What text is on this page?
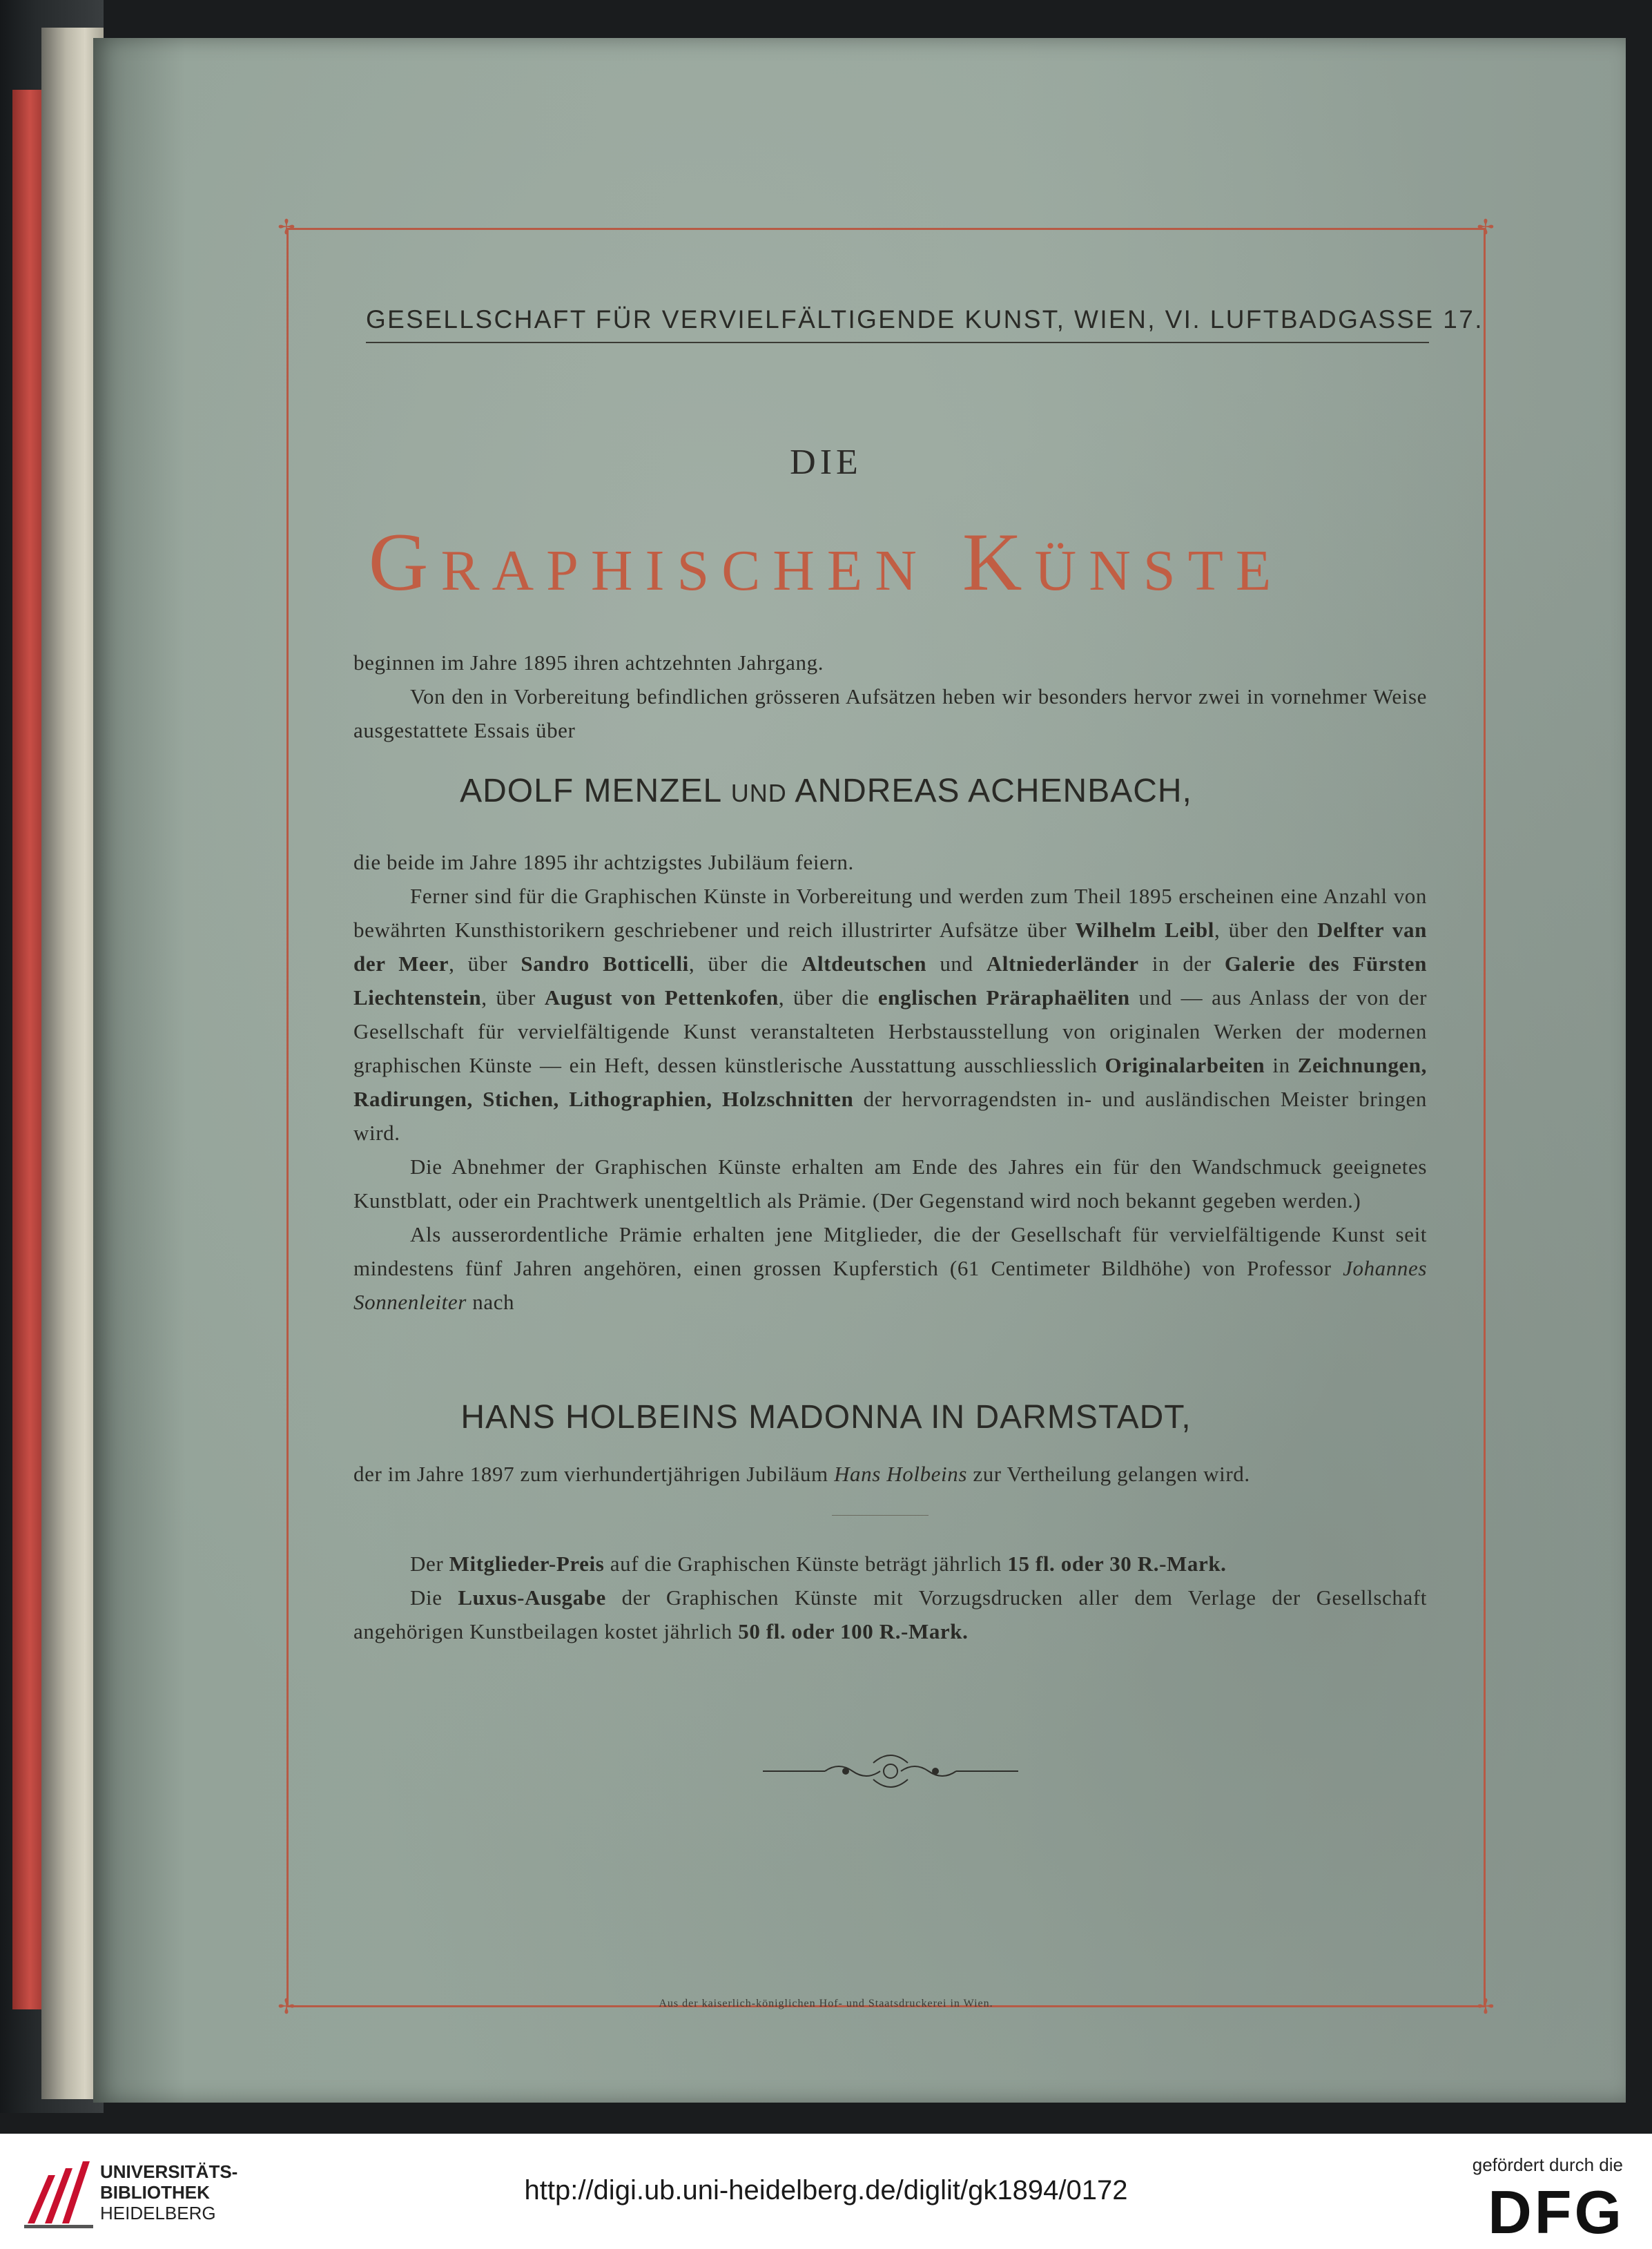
✢	✢
✢	✢
GESELLSCHAFT FÜR VERVIELFÄLTIGENDE KUNST, WIEN, VI. LUFTBADGASSE 17.
DIE
Graphischen Künste

beginnen im Jahre 1895 ihren achtzehnten Jahrgang.

Von den in Vorbereitung befindlichen grösseren Aufsätzen heben wir besonders hervor zwei in vornehmer Weise ausgestattete Essais über

ADOLF MENZEL UND ANDREAS ACHENBACH,

die beide im Jahre 1895 ihr achtzigstes Jubiläum feiern.

Ferner sind für die Graphischen Künste in Vorbereitung und werden zum Theil 1895 erscheinen eine Anzahl von bewährten Kunsthistorikern geschriebener und reich illustrirter Aufsätze über Wilhelm Leibl, über den Delfter van der Meer, über Sandro Botticelli, über die Altdeutschen und Altniederländer in der Galerie des Fürsten Liechtenstein, über August von Pettenkofen, über die englischen Präraphaëliten und — aus Anlass der von der Gesellschaft für vervielfältigende Kunst veranstalteten Herbstausstellung von originalen Werken der modernen graphischen Künste — ein Heft, dessen künstlerische Ausstattung ausschliesslich Originalarbeiten in Zeichnungen, Radirungen, Stichen, Lithographien, Holzschnitten der hervorragendsten in- und ausländischen Meister bringen wird.

Die Abnehmer der Graphischen Künste erhalten am Ende des Jahres ein für den Wandschmuck geeignetes Kunstblatt, oder ein Prachtwerk unentgeltlich als Prämie. (Der Gegenstand wird noch bekannt gegeben werden.)

Als ausserordentliche Prämie erhalten jene Mitglieder, die der Gesellschaft für vervielfältigende Kunst seit mindestens fünf Jahren angehören, einen grossen Kupferstich (61 Centimeter Bildhöhe) von Professor Johannes Sonnenleiter nach

HANS HOLBEINS MADONNA IN DARMSTADT,

der im Jahre 1897 zum vierhundertjährigen Jubiläum Hans Holbeins zur Vertheilung gelangen wird.

Der Mitglieder-Preis auf die Graphischen Künste beträgt jährlich 15 fl. oder 30 R.-Mark.

Die Luxus-Ausgabe der Graphischen Künste mit Vorzugsdrucken aller dem Verlage der Gesellschaft angehörigen Kunstbeilagen kostet jährlich 50 fl. oder 100 R.-Mark.

Aus der kaiserlich-königlichen Hof- und Staatsdruckerei in Wien.
UNIVERSITÄTS-
BIBLIOTHEK
HEIDELBERG
http://digi.ub.uni-heidelberg.de/diglit/gk1894/0172
gefördert durch die
DFG
